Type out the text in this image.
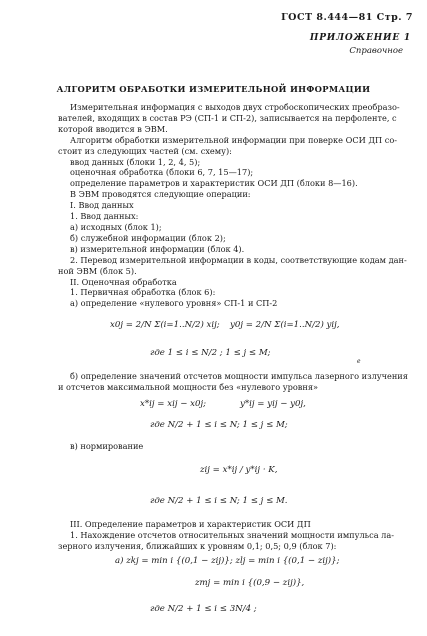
ГОСТ 8.444—81 Стр. 7
ПРИЛОЖЕНИЕ 1
Справочное
АЛГОРИТМ ОБРАБОТКИ ИЗМЕРИТЕЛЬНОЙ ИНФОРМАЦИИ

Измерительная информация с выходов двух стробоскопических преобразо-

вателей, входящих в состав РЭ (СП-1 и СП-2), записывается на перфоленте, с

которой вводится в ЭВМ.

Алгоритм обработки измерительной информации при поверке ОСИ ДП со-

стоит из следующих частей (см. схему):

ввод данных (блоки 1, 2, 4, 5);

оценочная обработка (блоки 6, 7, 15—17);

определение параметров и характеристик ОСИ ДП (блоки 8—16).

В ЭВМ проводятся следующие операции:

I. Ввод данных

1. Ввод данных:

а) исходных (блок 1);

б) служебной информации (блок 2);

в) измерительной информации (блок 4).

2. Перевод измерительной информации в коды, соответствующие кодам дан-

ной ЭВМ (блок 5).

II. Оценочная обработка

1. Первичная обработка (блок 6):

а) определение «нулевого уровня» СП-1 и СП-2

x0j = 2/N Σ(i=1..N/2) xij; y0j = 2/N Σ(i=1..N/2) yij,
где 1 ≤ i ≤ N/2 ; 1 ≤ j ≤ M;
e
б) определение значений отсчетов мощности импульса лазерного излучения
и отсчетов максимальной мощности без «нулевого уровня»
x*ij = xij − x0j;	y*ij = yij − y0j,
где N/2 + 1 ≤ i ≤ N; 1 ≤ j ≤ M;
в) нормирование
zij = x*ij / y*ij · K,
где N/2 + 1 ≤ i ≤ N; 1 ≤ j ≤ M.
III. Определение параметров и характеристик ОСИ ДП
1. Нахождение отсчетов относительных значений мощности импульса ла-
зерного излучения, ближайших к уровням 0,1; 0,5; 0,9 (блок 7):
а) zkj = min i {(0,1 − zij)}; zlj = min i {(0,1 − zij)};
zmj = min i {(0,9 − zij)},
где N/2 + 1 ≤ i ≤ 3N/4 ;
